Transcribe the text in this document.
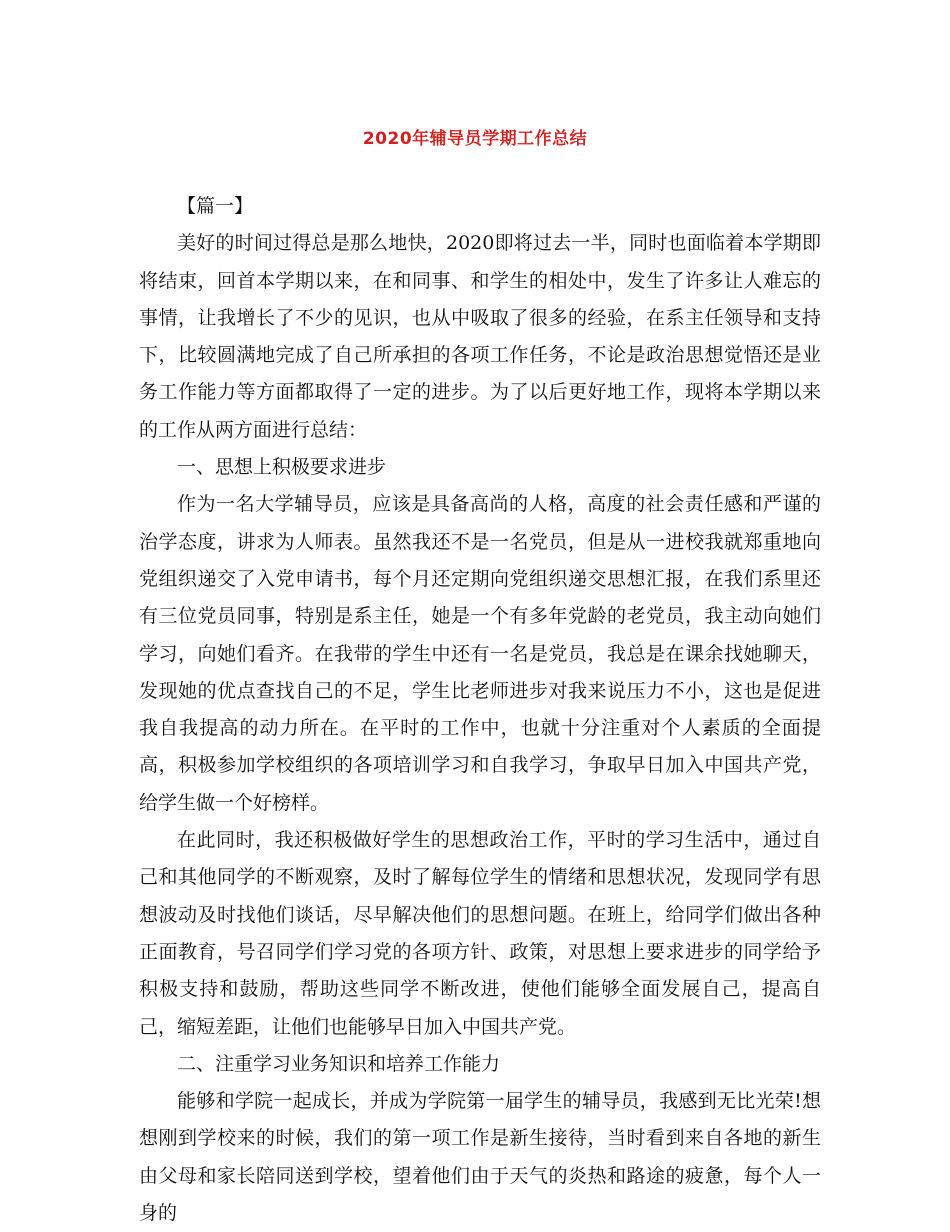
2020年辅导员学期工作总结

【篇一】

美好的时间过得总是那么地快，2020即将过去一半，同时也面临着本学期即将结束，回首本学期以来，在和同事、和学生的相处中，发生了许多让人难忘的事情，让我增长了不少的见识，也从中吸取了很多的经验，在系主任领导和支持下，比较圆满地完成了自己所承担的各项工作任务，不论是政治思想觉悟还是业务工作能力等方面都取得了一定的进步。为了以后更好地工作，现将本学期以来的工作从两方面进行总结：

一、思想上积极要求进步

作为一名大学辅导员，应该是具备高尚的人格，高度的社会责任感和严谨的治学态度，讲求为人师表。虽然我还不是一名党员，但是从一进校我就郑重地向党组织递交了入党申请书，每个月还定期向党组织递交思想汇报，在我们系里还有三位党员同事，特别是系主任，她是一个有多年党龄的老党员，我主动向她们学习，向她们看齐。在我带的学生中还有一名是党员，我总是在课余找她聊天，发现她的优点查找自己的不足，学生比老师进步对我来说压力不小，这也是促进我自我提高的动力所在。在平时的工作中，也就十分注重对个人素质的全面提高，积极参加学校组织的各项培训学习和自我学习，争取早日加入中国共产党，给学生做一个好榜样。

在此同时，我还积极做好学生的思想政治工作，平时的学习生活中，通过自己和其他同学的不断观察，及时了解每位学生的情绪和思想状况，发现同学有思想波动及时找他们谈话，尽早解决他们的思想问题。在班上，给同学们做出各种正面教育，号召同学们学习党的各项方针、政策，对思想上要求进步的同学给予积极支持和鼓励，帮助这些同学不断改进，使他们能够全面发展自己，提高自己，缩短差距，让他们也能够早日加入中国共产党。

二、注重学习业务知识和培养工作能力

能够和学院一起成长，并成为学院第一届学生的辅导员，我感到无比光荣!想想刚到学校来的时候，我们的第一项工作是新生接待，当时看到来自各地的新生由父母和家长陪同送到学校，望着他们由于天气的炎热和路途的疲惫，每个人一身的
